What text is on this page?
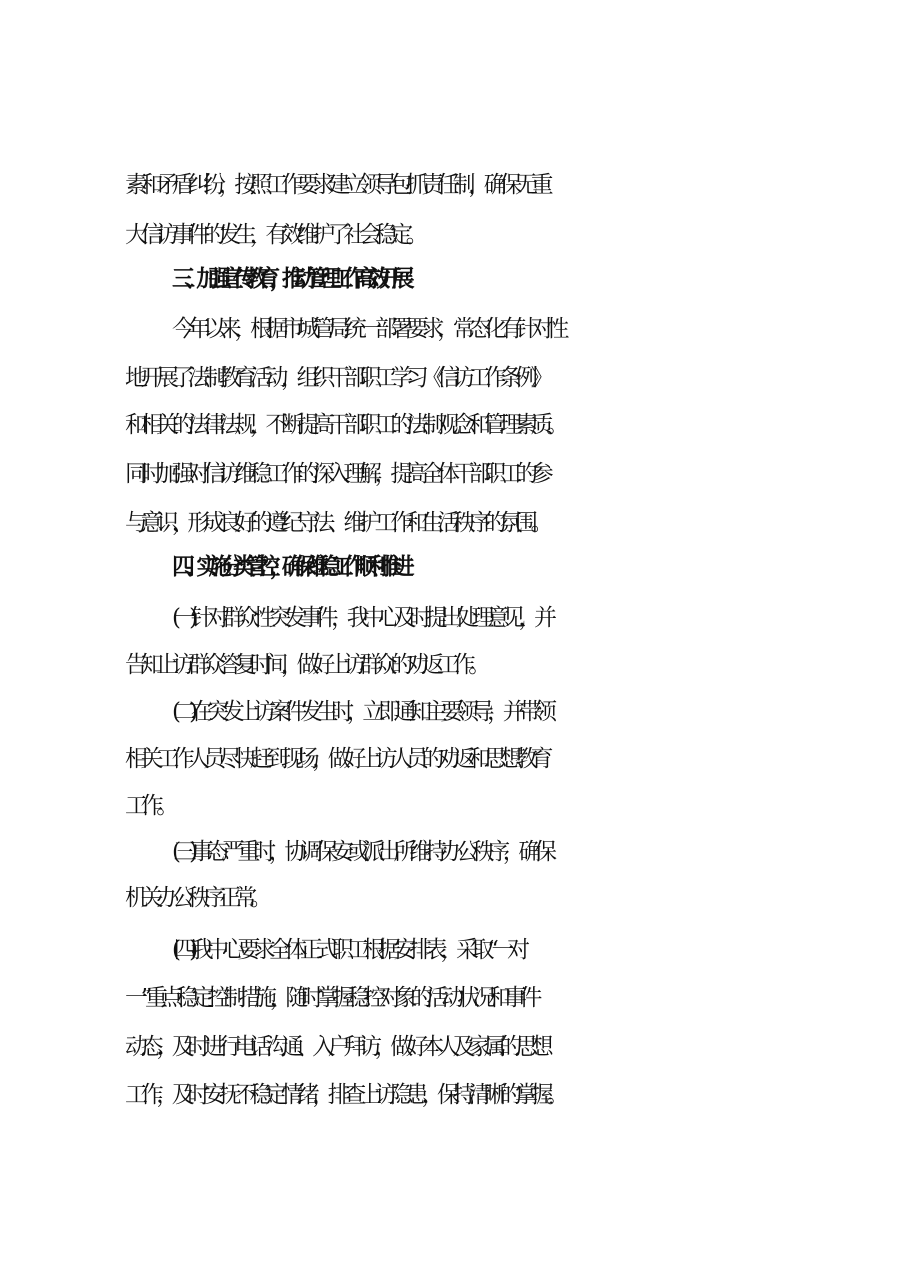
素和矛盾纠纷，按照工作要求建立领导包抓责任制，确保无重
大信访事件的发生，有效维护了社会稳定。
三、加强宣传教育，推动管理工作高效开展
今年以来，根据市城管局统一部署要求，常态化有针对性
地开展了法制教育活动，组织干部职工学习《信访工作条例》
和相关的法律法规，不断提高干部职工的法制观念和管理素质。
同时加强对信访维稳工作的深入理解，提高全体干部职工的参
与意识，形成良好的遵纪守法、维护工作和生活秩序的氛围。
四、实施分类管控，确保维稳工作顺利推进
(一)针对群众性突发事件，我中心及时提出处理意见，并
告知上访群众答复时间，做好上访群众的劝返工作。
(二)在突发上访案件发生时，立即通知主要领导，并带领
相关工作人员尽快赶到现场，做好上访人员的劝返和思想教育
工作。
(三)事态严重时，协调保安或派出所维持办公秩序，确保
机关办公秩序正常。
(四)我中心要求全体正式职工根据安排表，采取“一对
一”重点稳定控制措施，随时掌握稳控对象的活动状况和事件
动态，及时进行电话沟通、入户拜访，做好本人及家属的思想
工作，及时安抚不稳定情绪，排查上访隐患，保持清晰的掌握。
